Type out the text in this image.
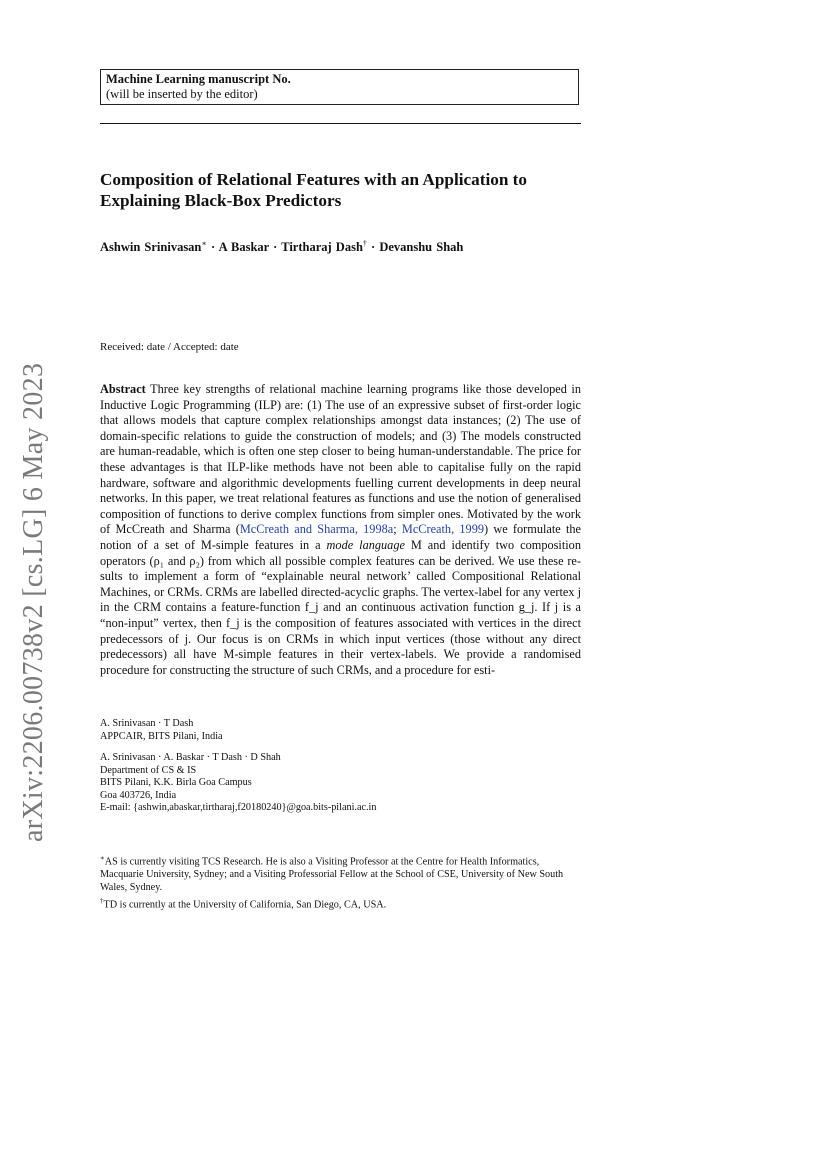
arXiv:2206.00738v2 [cs.LG] 6 May 2023
Machine Learning manuscript No.
(will be inserted by the editor)
Composition of Relational Features with an Application to Explaining Black-Box Predictors
Ashwin Srinivasan∗ · A Baskar · Tirtharaj Dash† · Devanshu Shah
Received: date / Accepted: date
Abstract Three key strengths of relational machine learning programs like those developed in Inductive Logic Programming (ILP) are: (1) The use of an expressive subset of first-order logic that allows models that capture complex relationships amongst data instances; (2) The use of domain-specific relations to guide the construction of models; and (3) The models constructed are human-readable, which is often one step closer to being human-understandable. The price for these advantages is that ILP-like methods have not been able to capitalise fully on the rapid hardware, software and algorithmic developments fuelling current developments in deep neural networks. In this paper, we treat relational features as functions and use the notion of generalised composition of functions to derive complex functions from simpler ones. Motivated by the work of McCreath and Sharma (McCreath and Sharma, 1998a; McCreath, 1999) we formulate the notion of a set of M-simple features in a mode language M and identify two composition operators (ρ₁ and ρ₂) from which all possible complex features can be derived. We use these results to implement a form of “explainable neural network’ called Compositional Relational Machines, or CRMs. CRMs are labelled directed-acyclic graphs. The vertex-label for any vertex j in the CRM contains a feature-function f_j and an continuous activation function g_j. If j is a “non-input” vertex, then f_j is the composition of features associated with vertices in the direct predecessors of j. Our focus is on CRMs in which input vertices (those without any direct predecessors) all have M-simple features in their vertex-labels. We provide a randomised procedure for constructing the structure of such CRMs, and a procedure for esti-
A. Srinivasan · T Dash
APPCAIR, BITS Pilani, India
A. Srinivasan · A. Baskar · T Dash · D Shah
Department of CS & IS
BITS Pilani, K.K. Birla Goa Campus
Goa 403726, India
E-mail: {ashwin,abaskar,tirtharaj,f20180240}@goa.bits-pilani.ac.in
∗AS is currently visiting TCS Research. He is also a Visiting Professor at the Centre for Health Informatics, Macquarie University, Sydney; and a Visiting Professorial Fellow at the School of CSE, University of New South Wales, Sydney.
†TD is currently at the University of California, San Diego, CA, USA.
